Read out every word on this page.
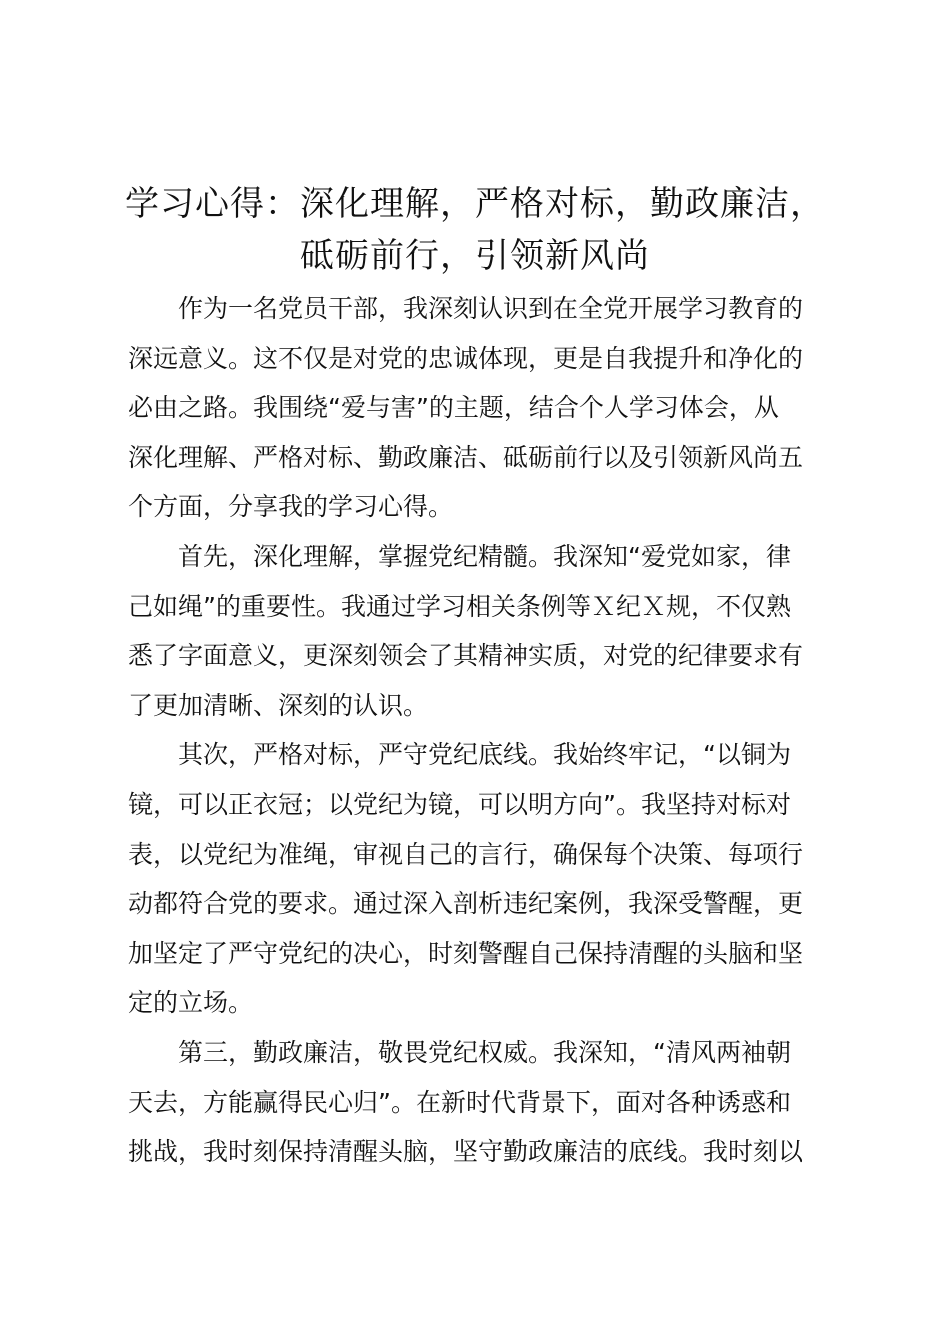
学习心得：深化理解，严格对标，勤政廉洁，
砥砺前行，引领新风尚
　　作为一名党员干部，我深刻认识到在全党开展学习教育的
深远意义。这不仅是对党的忠诚体现，更是自我提升和净化的
必由之路。我围绕“爱与害”的主题，结合个人学习体会，从
深化理解、严格对标、勤政廉洁、砥砺前行以及引领新风尚五
个方面，分享我的学习心得。
　　首先，深化理解，掌握党纪精髓。我深知“爱党如家，律
己如绳”的重要性。我通过学习相关条例等Ｘ纪Ｘ规，不仅熟
悉了字面意义，更深刻领会了其精神实质，对党的纪律要求有
了更加清晰、深刻的认识。
　　其次，严格对标，严守党纪底线。我始终牢记，“以铜为
镜，可以正衣冠；以党纪为镜，可以明方向”。我坚持对标对
表，以党纪为准绳，审视自己的言行，确保每个决策、每项行
动都符合党的要求。通过深入剖析违纪案例，我深受警醒，更
加坚定了严守党纪的决心，时刻警醒自己保持清醒的头脑和坚
定的立场。
　　第三，勤政廉洁，敬畏党纪权威。我深知，“清风两袖朝
天去，方能赢得民心归”。在新时代背景下，面对各种诱惑和
挑战，我时刻保持清醒头脑，坚守勤政廉洁的底线。我时刻以
